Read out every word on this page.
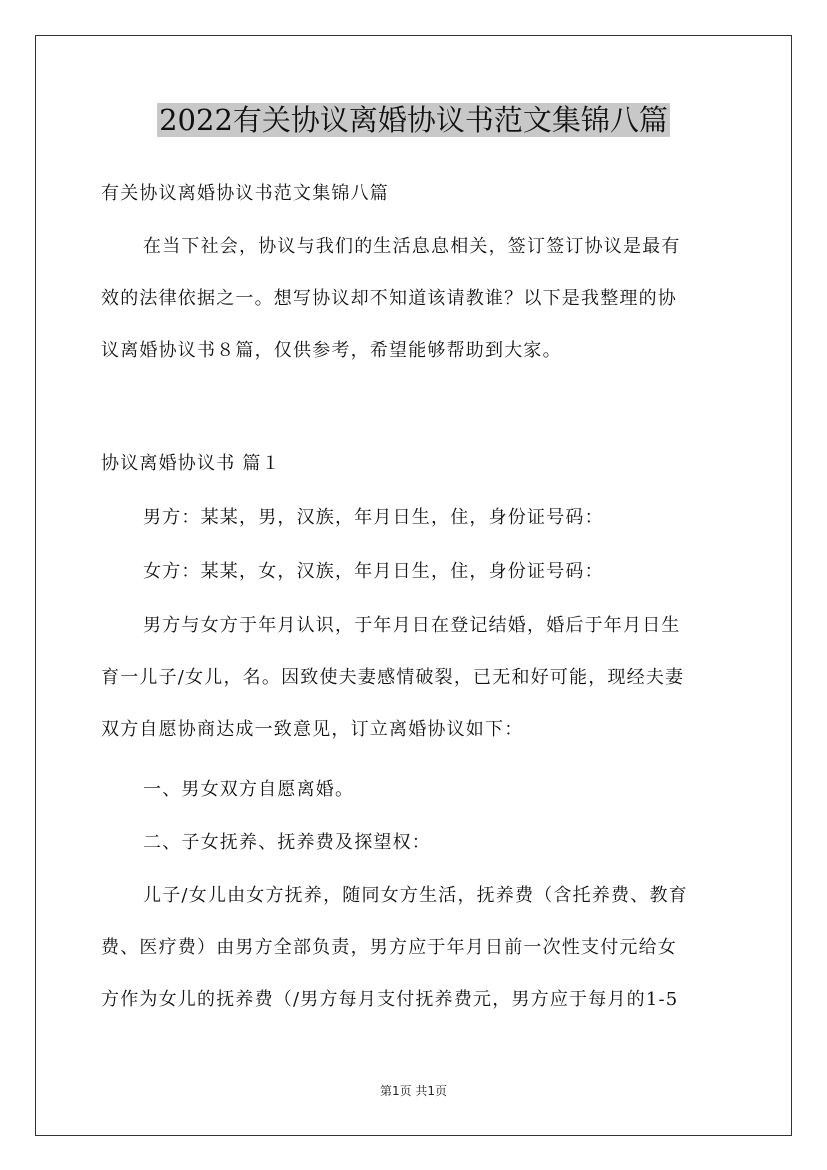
2022有关协议离婚协议书范文集锦八篇

有关协议离婚协议书范文集锦八篇

在当下社会，协议与我们的生活息息相关，签订签订协议是最有
效的法律依据之一。想写协议却不知道该请教谁？以下是我整理的协
议离婚协议书８篇，仅供参考，希望能够帮助到大家。

协议离婚协议书 篇１

男方：某某，男，汉族，年月日生，住，身份证号码：

女方：某某，女，汉族，年月日生，住，身份证号码：

男方与女方于年月认识，于年月日在登记结婚，婚后于年月日生
育一儿子/女儿，名。因致使夫妻感情破裂，已无和好可能，现经夫妻
双方自愿协商达成一致意见，订立离婚协议如下：

一、男女双方自愿离婚。

二、子女抚养、抚养费及探望权：

儿子/女儿由女方抚养，随同女方生活，抚养费（含托养费、教育
费、医疗费）由男方全部负责，男方应于年月日前一次性支付元给女
方作为女儿的抚养费（/男方每月支付抚养费元，男方应于每月的1-5

第1页 共1页
